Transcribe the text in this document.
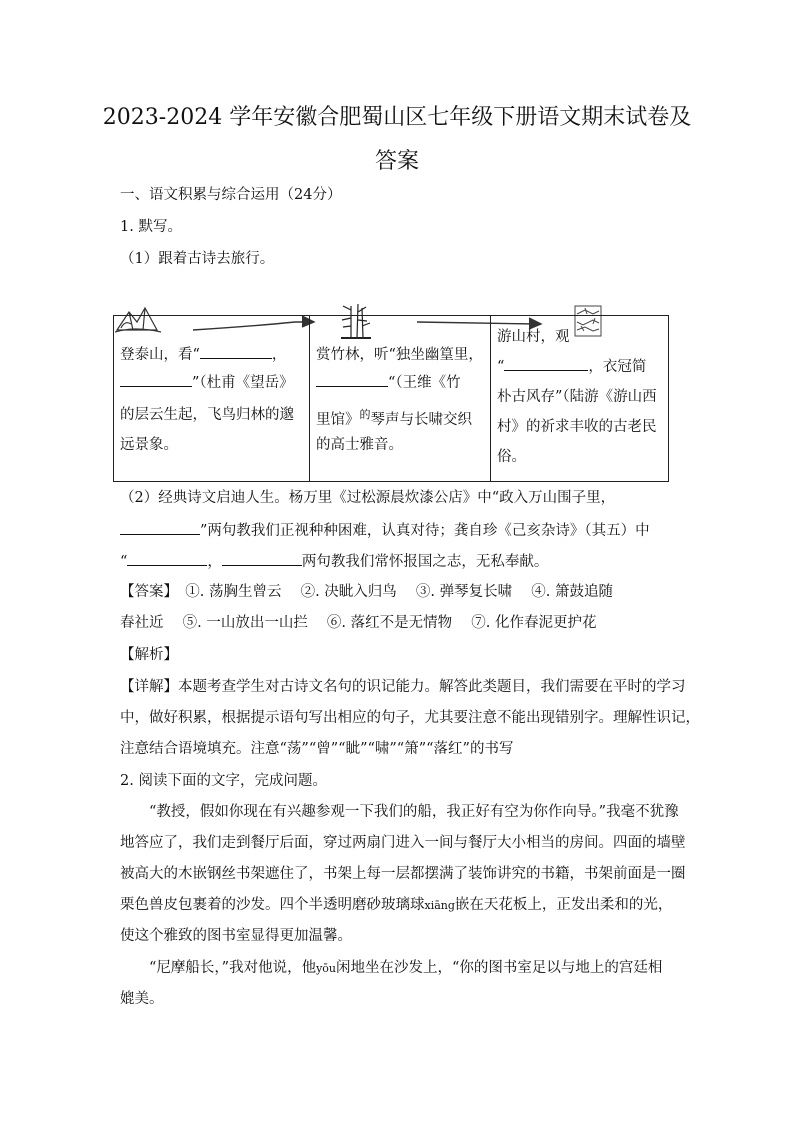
2023-2024 学年安徽合肥蜀山区七年级下册语文期末试卷及
答案
一、语文积累与综合运用（24分）
1. 默写。
（1）跟着古诗去旅行。
登泰山，看“	，
”（杜甫《望岳》
的层云生起，飞鸟归林的邈
远景象。
赏竹林，听“独坐幽篁里，
“（王维《竹
里馆》$^的$琴声与长啸交织
的高士雅音。
游山村，观
“	，衣冠简
朴古风存”（陆游《游山西
村》的祈求丰收的古老民
俗。
（2）经典诗文启迪人生。杨万里《过松源晨炊漆公店》中“政入万山围子里，
”两句教我们正视种种困难，认真对待；龚自珍《己亥杂诗》（其五）中
“	，	两句教我们常怀报国之志，无私奉献。
【答案】　 ①. 荡胸生曾云　 ②. 决眦入归鸟　 ③. 弹琴复长啸　 ④. 箫鼓追随
春社近　 ⑤. 一山放出一山拦　 ⑥. 落红不是无情物　 ⑦. 化作春泥更护花
【解析】
【详解】本题考查学生对古诗文名句的识记能力。解答此类题目，我们需要在平时的学习
中，做好积累，根据提示语句写出相应的句子，尤其要注意不能出现错别字。理解性识记，
注意结合语境填充。注意“荡”“曾”“眦”“啸”“箫”“落红”的书写
2. 阅读下面的文字，完成问题。
“教授，假如你现在有兴趣参观一下我们的船，我正好有空为你作向导。”我毫不犹豫
地答应了，我们走到餐厅后面，穿过两扇门进入一间与餐厅大小相当的房间。四面的墙壁
被高大的木嵌钢丝书架遮住了，书架上每一层都摆满了装饰讲究的书籍，书架前面是一圈
栗色兽皮包裹着的沙发。四个半透明磨砂玻璃球xiāng嵌在天花板上，正发出柔和的光，
使这个雅致的图书室显得更加温馨。
“尼摩船长，”我对他说，他yōu闲地坐在沙发上，“你的图书室足以与地上的宫廷相
媲美。
